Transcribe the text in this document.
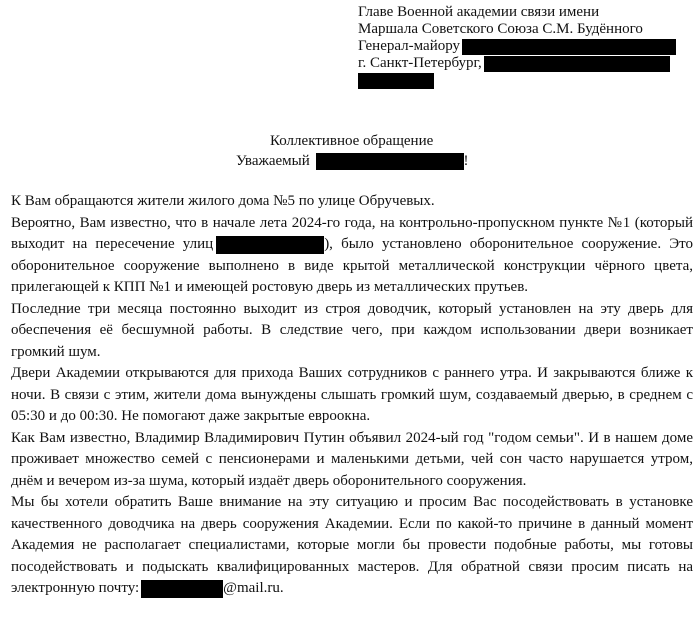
Главе Военной академии связи имени
Маршала Советского Союза С.М. Будённого
Генерал-майору
г. Санкт-Петербург,
Коллективное обращение
Уважаемый	!

К Вам обращаются жители жилого дома №5 по улице Обручевых.

Вероятно, Вам известно, что в начале лета 2024-го года, на контрольно-пропускном пункте №1 (который выходит на пересечение улиц	), было установлено оборонительное сооружение. Это оборонительное сооружение выполнено в виде крытой металлической конструкции чёрного цвета, прилегающей к КПП №1 и имеющей ростовую дверь из металлических прутьев.

Последние три месяца постоянно выходит из строя доводчик, который установлен на эту дверь для обеспечения её бесшумной работы. В следствие чего, при каждом использовании двери возникает громкий шум.

Двери Академии открываются для прихода Ваших сотрудников с раннего утра. И закрываются ближе к ночи. В связи с этим, жители дома вынуждены слышать громкий шум, создаваемый дверью, в среднем с 05:30 и до 00:30. Не помогают даже закрытые евроокна.

Как Вам известно, Владимир Владимирович Путин объявил 2024-ый год "годом семьи". И в нашем доме проживает множество семей с пенсионерами и маленькими детьми, чей сон часто нарушается утром, днём и вечером из-за шума, который издаёт дверь оборонительного сооружения.

Мы бы хотели обратить Ваше внимание на эту ситуацию и просим Вас посодействовать в установке качественного доводчика на дверь сооружения Академии. Если по какой-то причине в данный момент Академия не располагает специалистами, которые могли бы провести подобные работы, мы готовы посодействовать и подыскать квалифицированных мастеров. Для обратной связи просим писать на электронную почту:	@mail.ru.
